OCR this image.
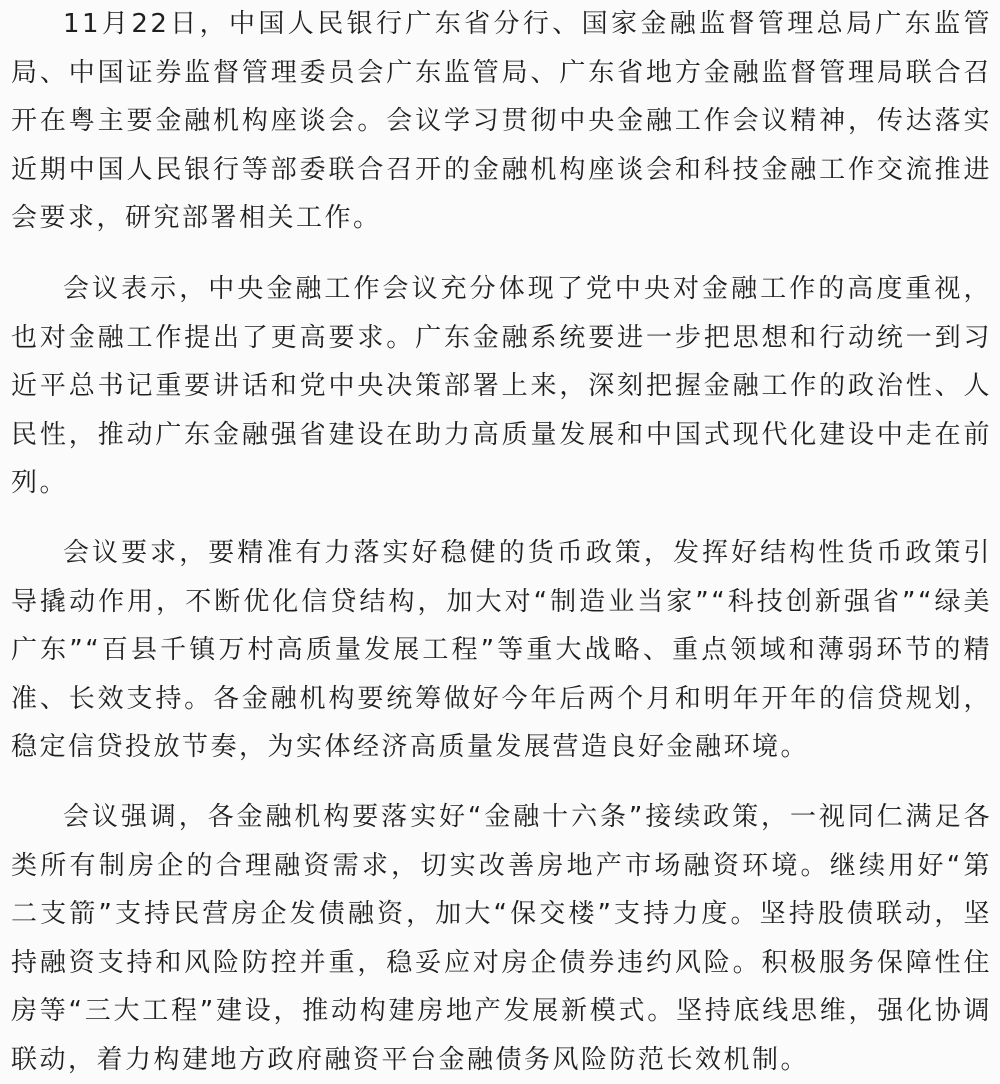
11月22日，中国人民银行广东省分行、国家金融监督管理总局广东监管局、中国证券监督管理委员会广东监管局、广东省地方金融监督管理局联合召开在粤主要金融机构座谈会。会议学习贯彻中央金融工作会议精神，传达落实近期中国人民银行等部委联合召开的金融机构座谈会和科技金融工作交流推进会要求，研究部署相关工作。

会议表示，中央金融工作会议充分体现了党中央对金融工作的高度重视，也对金融工作提出了更高要求。广东金融系统要进一步把思想和行动统一到习近平总书记重要讲话和党中央决策部署上来，深刻把握金融工作的政治性、人民性，推动广东金融强省建设在助力高质量发展和中国式现代化建设中走在前列。

会议要求，要精准有力落实好稳健的货币政策，发挥好结构性货币政策引导撬动作用，不断优化信贷结构，加大对“制造业当家”“科技创新强省”“绿美广东”“百县千镇万村高质量发展工程”等重大战略、重点领域和薄弱环节的精准、长效支持。各金融机构要统筹做好今年后两个月和明年开年的信贷规划，稳定信贷投放节奏，为实体经济高质量发展营造良好金融环境。

会议强调，各金融机构要落实好“金融十六条”接续政策，一视同仁满足各类所有制房企的合理融资需求，切实改善房地产市场融资环境。继续用好“第二支箭”支持民营房企发债融资，加大“保交楼”支持力度。坚持股债联动，坚持融资支持和风险防控并重，稳妥应对房企债券违约风险。积极服务保障性住房等“三大工程”建设，推动构建房地产发展新模式。坚持底线思维，强化协调联动，着力构建地方政府融资平台金融债务风险防范长效机制。
